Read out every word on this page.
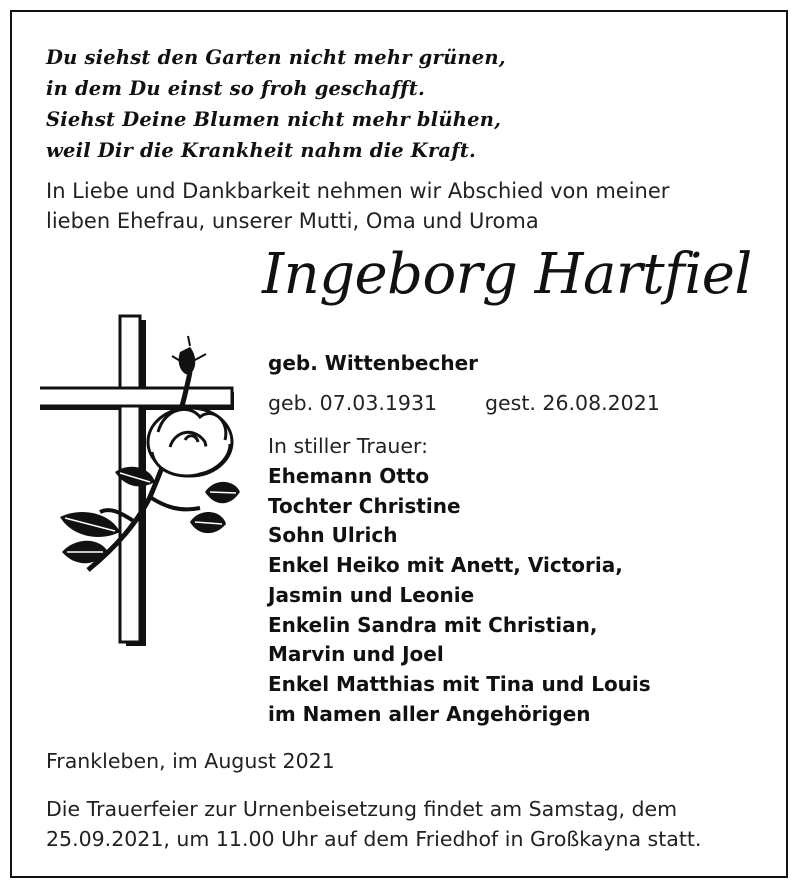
Du siehst den Garten nicht mehr grünen,
in dem Du einst so froh geschafft.
Siehst Deine Blumen nicht mehr blühen,
weil Dir die Krankheit nahm die Kraft.
In Liebe und Dankbarkeit nehmen wir Abschied von meiner
lieben Ehefrau, unserer Mutti, Oma und Uroma
Ingeborg Hartfiel
geb. Wittenbecher
geb. 07.03.1931 gest. 26.08.2021
In stiller Trauer:
Ehemann Otto
Tochter Christine
Sohn Ulrich
Enkel Heiko mit Anett, Victoria,
Jasmin und Leonie
Enkelin Sandra mit Christian,
Marvin und Joel
Enkel Matthias mit Tina und Louis
im Namen aller Angehörigen
Frankleben, im August 2021
Die Trauerfeier zur Urnenbeisetzung findet am Samstag, dem
25.09.2021, um 11.00 Uhr auf dem Friedhof in Großkayna statt.
